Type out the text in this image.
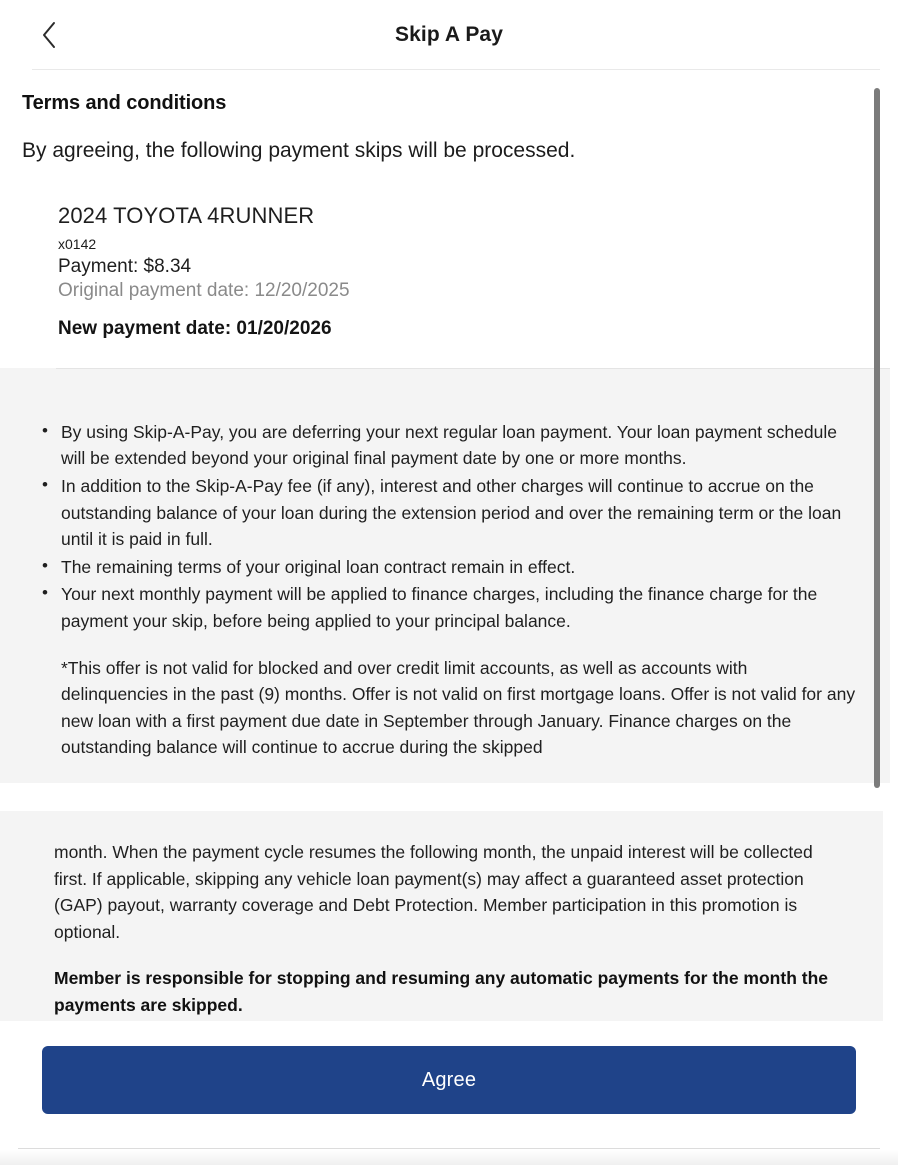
Skip A Pay
Terms and conditions
By agreeing, the following payment skips will be processed.
2024 TOYOTA 4RUNNER
x0142
Payment: $8.34
Original payment date: 12/20/2025
New payment date: 01/20/2026
• By using Skip-A-Pay, you are deferring your next regular loan payment. Your loan payment schedule will be extended beyond your original final payment date by one or more months.
• In addition to the Skip-A-Pay fee (if any), interest and other charges will continue to accrue on the outstanding balance of your loan during the extension period and over the remaining term or the loan until it is paid in full.
• The remaining terms of your original loan contract remain in effect.
• Your next monthly payment will be applied to finance charges, including the finance charge for the payment your skip, before being applied to your principal balance.
*This offer is not valid for blocked and over credit limit accounts, as well as accounts with delinquencies in the past (9) months. Offer is not valid on first mortgage loans. Offer is not valid for any new loan with a first payment due date in September through January. Finance charges on the outstanding balance will continue to accrue during the skipped
month. When the payment cycle resumes the following month, the unpaid interest will be collected first. If applicable, skipping any vehicle loan payment(s) may affect a guaranteed asset protection (GAP) payout, warranty coverage and Debt Protection. Member participation in this promotion is optional.
Member is responsible for stopping and resuming any automatic payments for the month the payments are skipped.
Agree
